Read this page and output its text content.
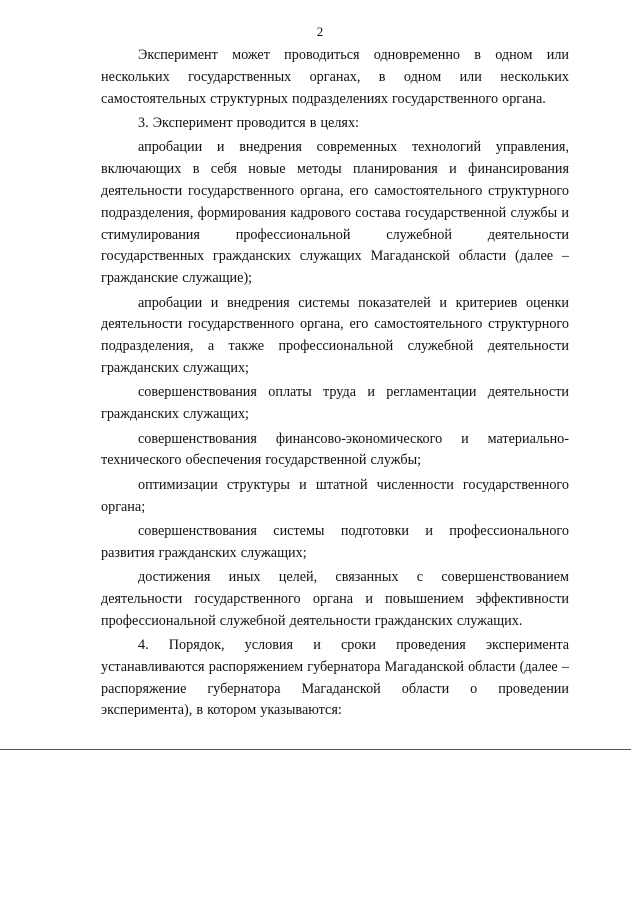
2

Эксперимент может проводиться одновременно в одном или нескольких государственных органах, в одном или нескольких самостоятельных структурных подразделениях государственного органа.

3. Эксперимент проводится в целях:

апробации и внедрения современных технологий управления, включающих в себя новые методы планирования и финансирования деятельности государственного органа, его самостоятельного структурного подразделения, формирования кадрового состава государственной службы и стимулирования профессиональной служебной деятельности государственных гражданских служащих Магаданской области (далее – гражданские служащие);

апробации и внедрения системы показателей и критериев оценки деятельности государственного органа, его самостоятельного структурного подразделения, а также профессиональной служебной деятельности гражданских служащих;

совершенствования оплаты труда и регламентации деятельности гражданских служащих;

совершенствования финансово-экономического и материально-технического обеспечения государственной службы;

оптимизации структуры и штатной численности государственного органа;

совершенствования системы подготовки и профессионального развития гражданских служащих;

достижения иных целей, связанных с совершенствованием деятельности государственного органа и повышением эффективности профессиональной служебной деятельности гражданских служащих.

4. Порядок, условия и сроки проведения эксперимента устанавливаются распоряжением губернатора Магаданской области (далее – распоряжение губернатора Магаданской области о проведении эксперимента), в котором указываются:
